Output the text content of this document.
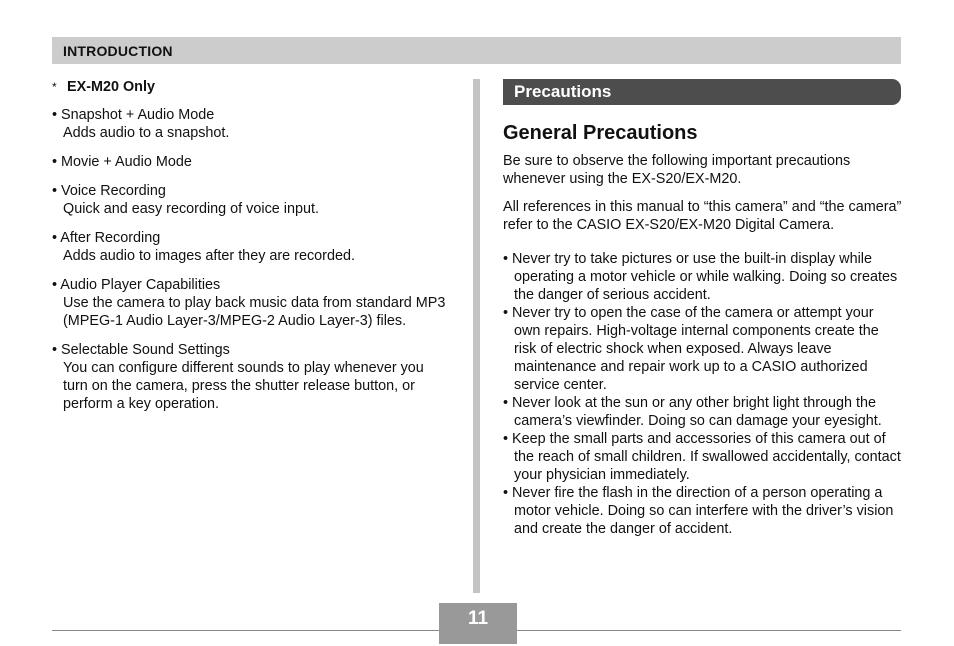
INTRODUCTION
* EX-M20 Only
• Snapshot + Audio Mode
Adds audio to a snapshot.
• Movie + Audio Mode
• Voice Recording
Quick and easy recording of voice input.
• After Recording
Adds audio to images after they are recorded.
• Audio Player Capabilities
Use the camera to play back music data from standard MP3 (MPEG-1 Audio Layer-3/MPEG-2 Audio Layer-3) files.
• Selectable Sound Settings
You can configure different sounds to play whenever you turn on the camera, press the shutter release button, or perform a key operation.
Precautions
General Precautions
Be sure to observe the following important precautions whenever using the EX-S20/EX-M20.
All references in this manual to “this camera” and “the camera” refer to the CASIO EX-S20/EX-M20 Digital Camera.
• Never try to take pictures or use the built-in display while operating a motor vehicle or while walking. Doing so creates the danger of serious accident.
• Never try to open the case of the camera or attempt your own repairs. High-voltage internal components create the risk of electric shock when exposed. Always leave maintenance and repair work up to a CASIO authorized service center.
• Never look at the sun or any other bright light through the camera’s viewfinder. Doing so can damage your eyesight.
• Keep the small parts and accessories of this camera out of the reach of small children. If swallowed accidentally, contact your physician immediately.
• Never fire the flash in the direction of a person operating a motor vehicle. Doing so can interfere with the driver’s vision and create the danger of accident.
11
